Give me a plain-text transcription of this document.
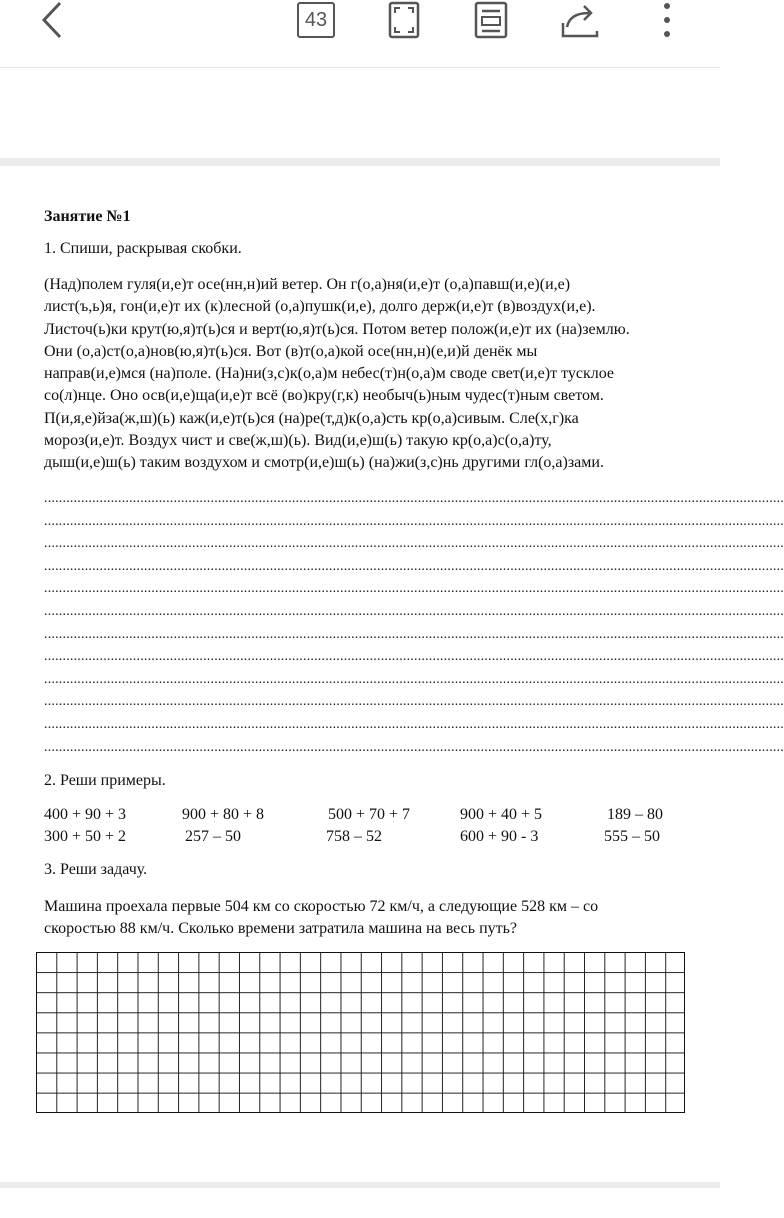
43
Занятие №1
1. Спиши, раскрывая скобки.
(Над)полем гуля(и,е)т осе(нн,н)ий ветер. Он г(о,а)ня(и,е)т (о,а)павш(и,е)(и,е)
лист(ъ,ь)я, гон(и,е)т их (к)лесной (о,а)пушк(и,е), долго держ(и,е)т (в)воздух(и,е).
Листоч(ь)ки крут(ю,я)т(ь)ся и верт(ю,я)т(ь)ся. Потом ветер полож(и,е)т их (на)землю.
Они (о,а)ст(о,а)нов(ю,я)т(ь)ся. Вот (в)т(о,а)кой осе(нн,н)(е,и)й денёк мы
направ(и,е)мся (на)поле. (На)ни(з,с)к(о,а)м небес(т)н(о,а)м своде свет(и,е)т тусклое
со(л)нце. Оно осв(и,е)ща(и,е)т всё (во)кру(г,к) необыч(ь)ным чудес(т)ным светом.
П(и,я,е)йза(ж,ш)(ь) каж(и,е)т(ь)ся (на)ре(т,д)к(о,а)сть кр(о,а)сивым. Сле(х,г)ка
мороз(и,е)т. Воздух чист и све(ж,ш)(ь). Вид(и,е)ш(ь) такую кр(о,а)с(о,а)ту,
дыш(и,е)ш(ь) таким воздухом и смотр(и,е)ш(ь) (на)жи(з,с)нь другими гл(о,а)зами.
........................................................................................................................................................................................................
........................................................................................................................................................................................................
........................................................................................................................................................................................................
........................................................................................................................................................................................................
........................................................................................................................................................................................................
........................................................................................................................................................................................................
........................................................................................................................................................................................................
........................................................................................................................................................................................................
........................................................................................................................................................................................................
........................................................................................................................................................................................................
........................................................................................................................................................................................................
........................................................................................................................................................................................................
2. Реши примеры.
400 + 90 + 3	900 + 80 + 8	500 + 70 + 7	900 + 40 + 5	189 – 80
300 + 50 + 2	257 – 50	758 – 52	600 + 90 - 3	555 – 50
3. Реши задачу.
Машина проехала первые 504 км со скоростью 72 км/ч, а следующие 528 км – со
скоростью 88 км/ч. Сколько времени затратила машина на весь путь?
